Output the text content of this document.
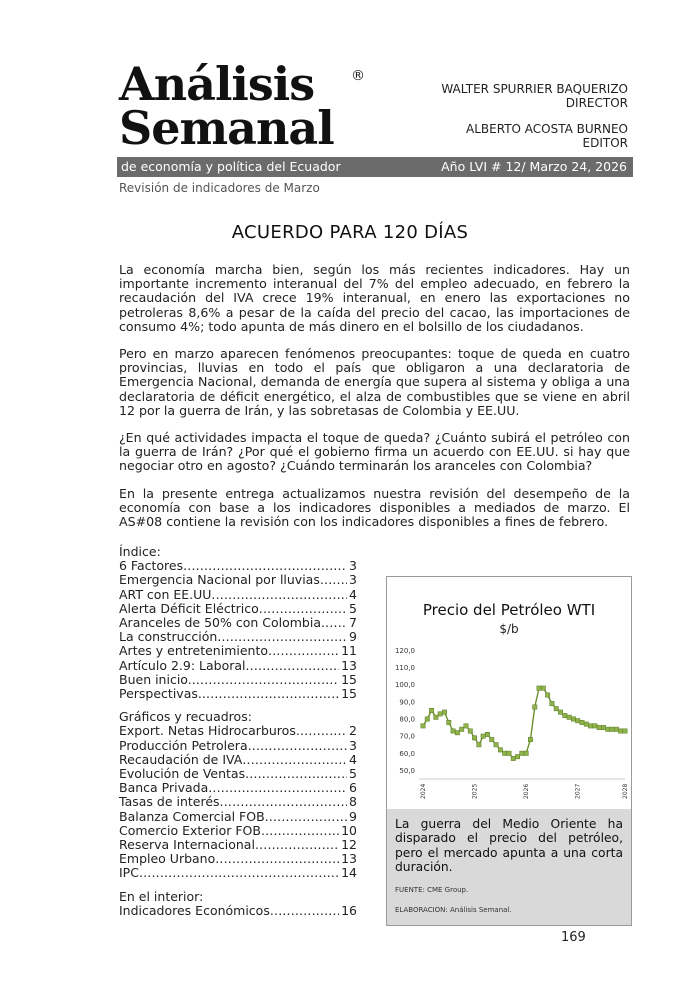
Análisis
Semanal
®
WALTER SPURRIER BAQUERIZO
DIRECTOR
ALBERTO ACOSTA BURNEO
EDITOR
de economía y política del Ecuador	Año LVI # 12/ Marzo 24, 2026
Revisión de indicadores de Marzo
ACUERDO PARA 120 DÍAS

La economía marcha bien, según los más recientes indicadores. Hay un importante incremento interanual del 7% del empleo adecuado, en febrero la recaudación del IVA crece 19% interanual, en enero las exportaciones no petroleras 8,6% a pesar de la caída del precio del cacao, las importaciones de consumo 4%; todo apunta de más dinero en el bolsillo de los ciudadanos.

Pero en marzo aparecen fenómenos preocupantes: toque de queda en cuatro provincias, lluvias en todo el país que obligaron a una declaratoria de Emergencia Nacional, demanda de energía que supera al sistema y obliga a una declaratoria de déficit energético, el alza de combustibles que se viene en abril 12 por la guerra de Irán, y las sobretasas de Colombia y EE.UU.

¿En qué actividades impacta el toque de queda? ¿Cuánto subirá el petróleo con la guerra de Irán? ¿Por qué el gobierno firma un acuerdo con EE.UU. si hay que negociar otro en agosto? ¿Cuándo terminarán los aranceles con Colombia?

En la presente entrega actualizamos nuestra revisión del desempeño de la economía con base a los indicadores disponibles a mediados de marzo. El AS#08 contiene la revisión con los indicadores disponibles a fines de febrero.

Índice:
6 Factores .....	3
Emergencia Nacional por lluvias ..... 3
ART con EE.UU .....	4
Alerta Déficit Eléctrico .....	5
Aranceles de 50% con Colombia ..... 7
La construcción .....	9
Artes y entretenimiento .....	11
Artículo 2.9: Laboral .....	13
Buen inicio. .....	15
Perspectivas. .....	15
Gráficos y recuadros:
Export. Netas Hidrocarburos .....	2
Producción Petrolera .....	3
Recaudación de IVA .....	4
Evolución de Ventas .....	5
Banca Privada .....	6
Tasas de interés .....	8
Balanza Comercial FOB .....	9
Comercio Exterior FOB .....	10
Reserva Internacional .....	12
Empleo Urbano .....	13
IPC .....	14
En el interior:
Indicadores Económicos .....	16
Precio del Petróleo WTI
$/b
120,0
110,0
100,0
90,0
80,0
70,0
60,0
50,0
2024	2025	2026	2027	2028
La guerra del Medio Oriente ha disparado el precio del petróleo, pero el mercado apunta a una corta duración.
FUENTE: CME Group.
ELABORACION: Análisis Semanal.
169
